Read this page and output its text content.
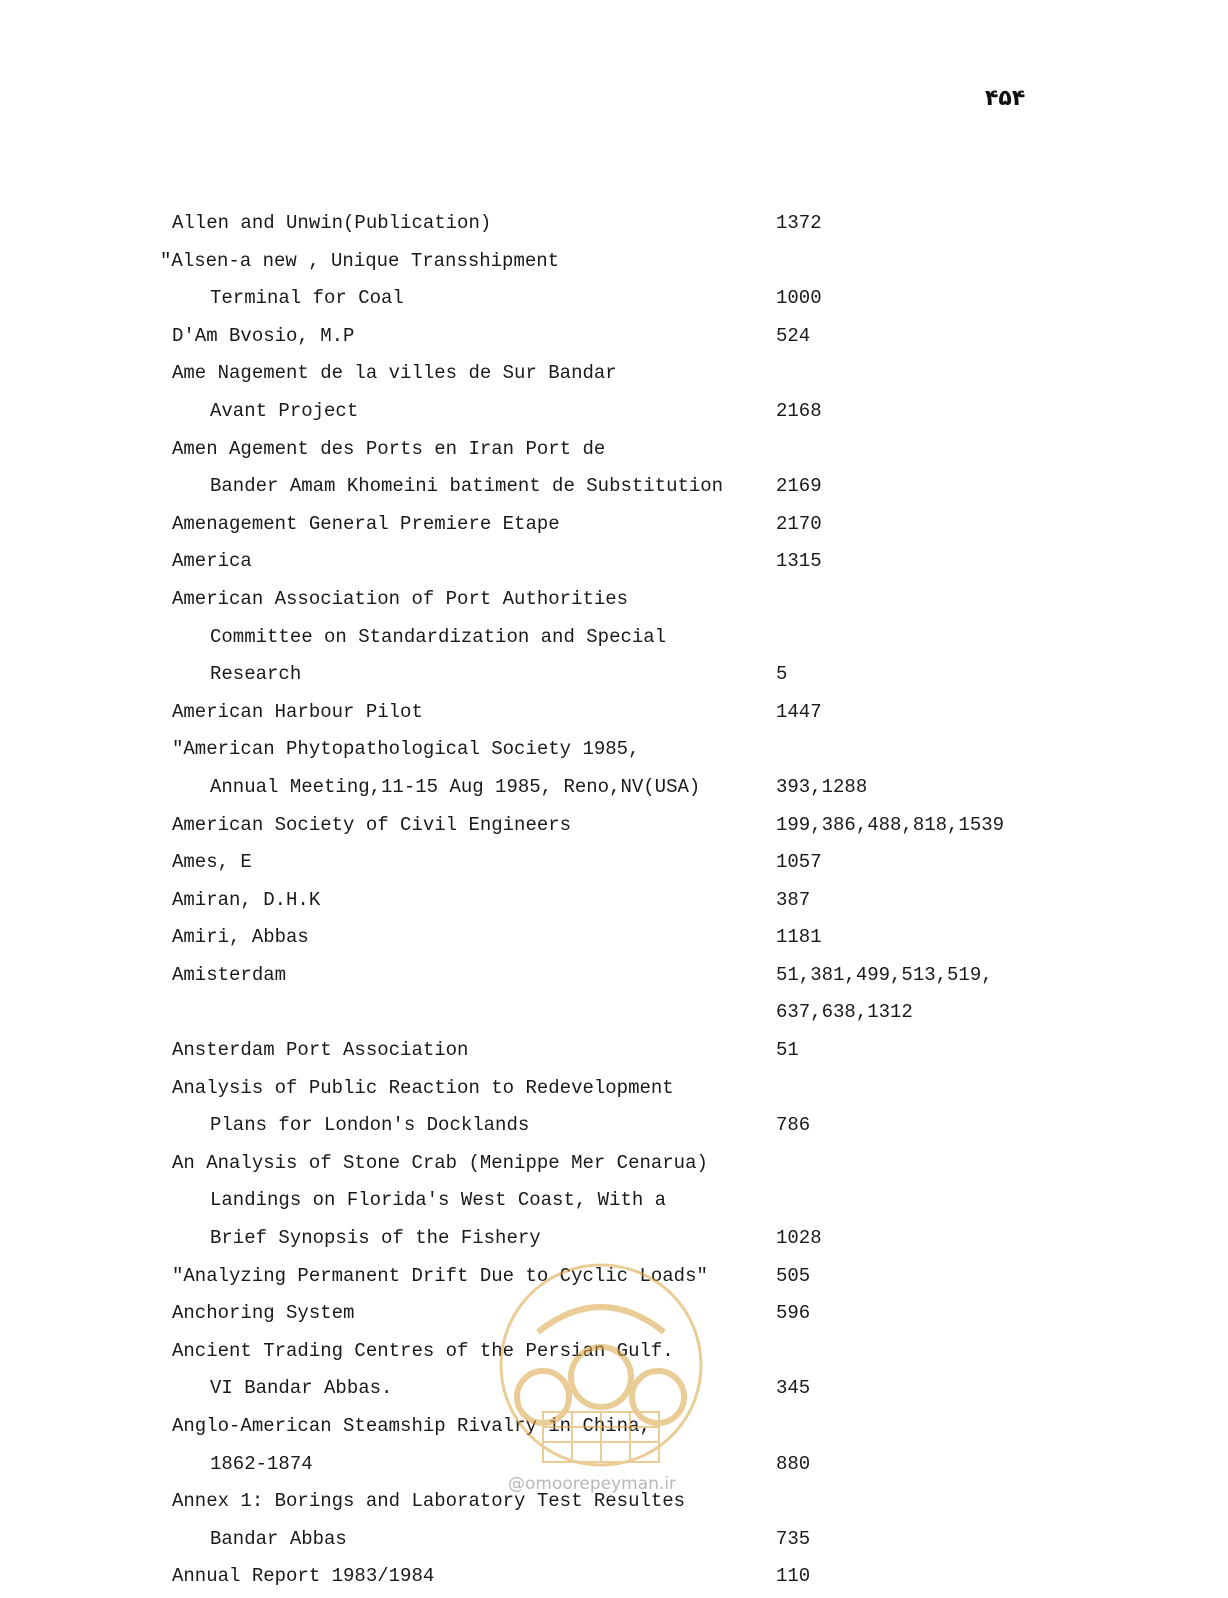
۴۵۴
Allen and Unwin(Publication)	1372
"Alsen-a new , Unique Transshipment
Terminal for Coal	1000
D'Am Bvosio, M.P	524
Ame Nagement de la villes de Sur Bandar
Avant Project	2168
Amen Agement des Ports en Iran Port de
Bander Amam Khomeini batiment de Substitution	2169
Amenagement General Premiere Etape	2170
America	1315
American Association of Port Authorities
Committee on Standardization and Special
Research	5
American Harbour Pilot	1447
"American Phytopathological Society 1985,
Annual Meeting,11-15 Aug 1985, Reno,NV(USA)	393,1288
American Society of Civil Engineers	199,386,488,818,1539
Ames, E	1057
Amiran, D.H.K	387
Amiri, Abbas	1181
Amisterdam	51,381,499,513,519,
637,638,1312
Ansterdam Port Association	51
Analysis of Public Reaction to Redevelopment
Plans for London's Docklands	786
An Analysis of Stone Crab (Menippe Mer Cenarua)
Landings on Florida's West Coast, With a
Brief Synopsis of the Fishery	1028
"Analyzing Permanent Drift Due to Cyclic Loads"	505
Anchoring System	596
Ancient Trading Centres of the Persian Gulf.
VI Bandar Abbas.	345
Anglo-American Steamship Rivalry in China,
1862-1874	880
Annex 1: Borings and Laboratory Test Resultes
Bandar Abbas	735
Annual Report 1983/1984	110
@omoorepeyman.ir
